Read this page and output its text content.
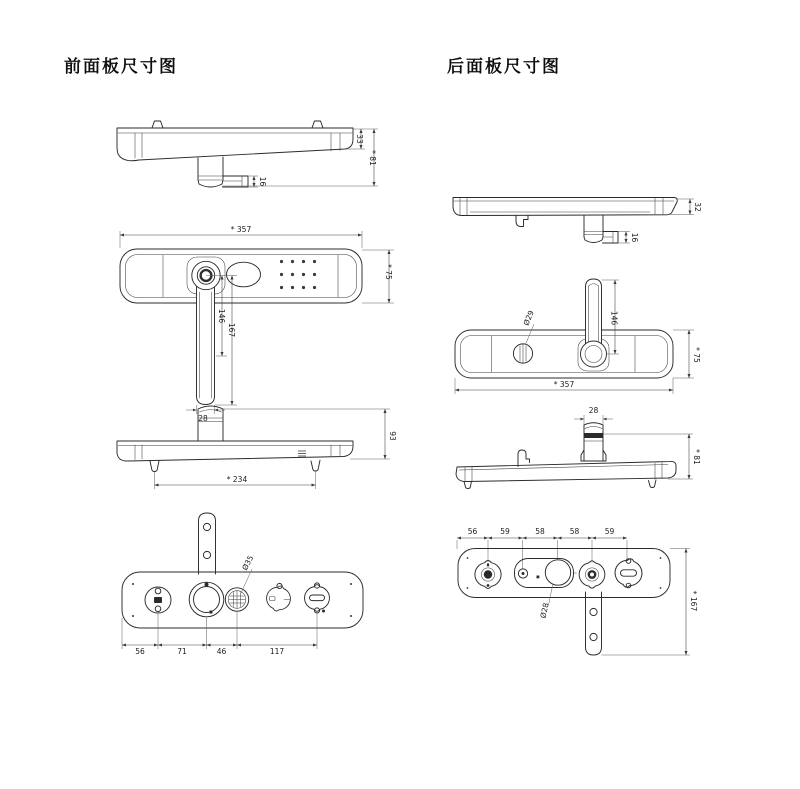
前面板尺寸图	后面板尺寸图
33
* 81
16
* 357
146
167
28
* 75
* 234
93
Ø35
56	71	46	117
16
32
Ø29	146
* 75
* 357
28
* 81
56	59	58	58	59
Ø28	* 167
